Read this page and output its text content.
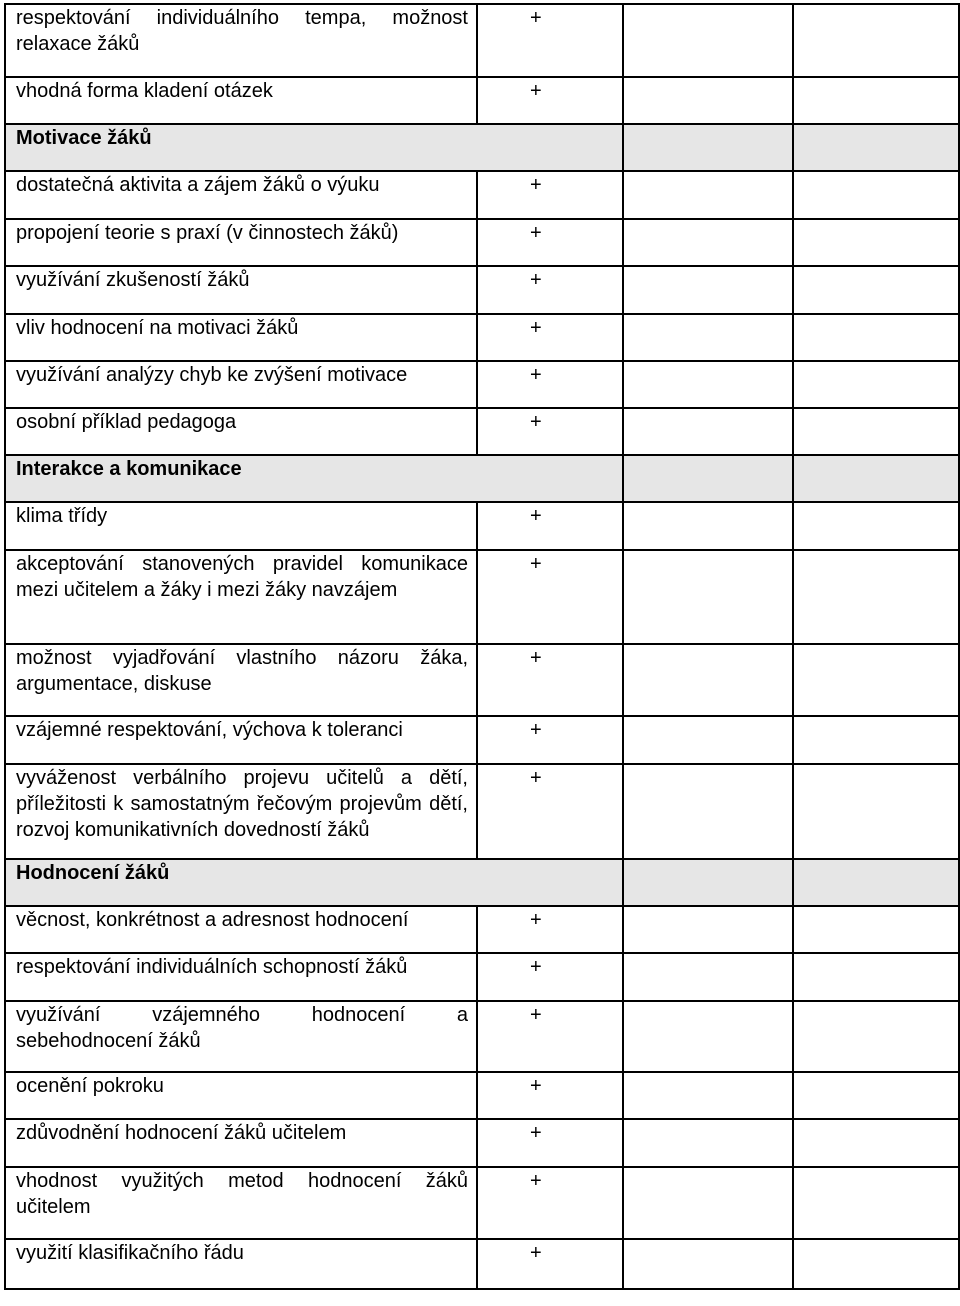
respektování individuálního tempa, možnost relaxace žáků	+		

vhodná forma kladení otázek	+		

Motivace žáků			

dostatečná aktivita a zájem žáků o výuku	+		

propojení teorie s praxí (v činnostech žáků)	+		

využívání zkušeností žáků	+		

vliv hodnocení na motivaci žáků	+		

využívání analýzy chyb ke zvýšení motivace	+		

osobní příklad pedagoga	+		

Interakce a komunikace			

klima třídy	+		

akceptování stanovených pravidel komunikace mezi učitelem a žáky i mezi žáky navzájem	+		

možnost vyjadřování vlastního názoru žáka, argumentace, diskuse	+		

vzájemné respektování, výchova k toleranci	+		

vyváženost verbálního projevu učitelů a dětí, příležitosti k samostatným řečovým projevům dětí, rozvoj komunikativních dovedností žáků	+		

Hodnocení žáků			

věcnost, konkrétnost a adresnost hodnocení	+		

respektování individuálních schopností žáků	+		

využívání vzájemného hodnocení a sebehodnocení žáků	+		

ocenění pokroku	+		

zdůvodnění hodnocení žáků učitelem	+		

vhodnost využitých metod hodnocení žáků učitelem	+		

využití klasifikačního řádu	+		
